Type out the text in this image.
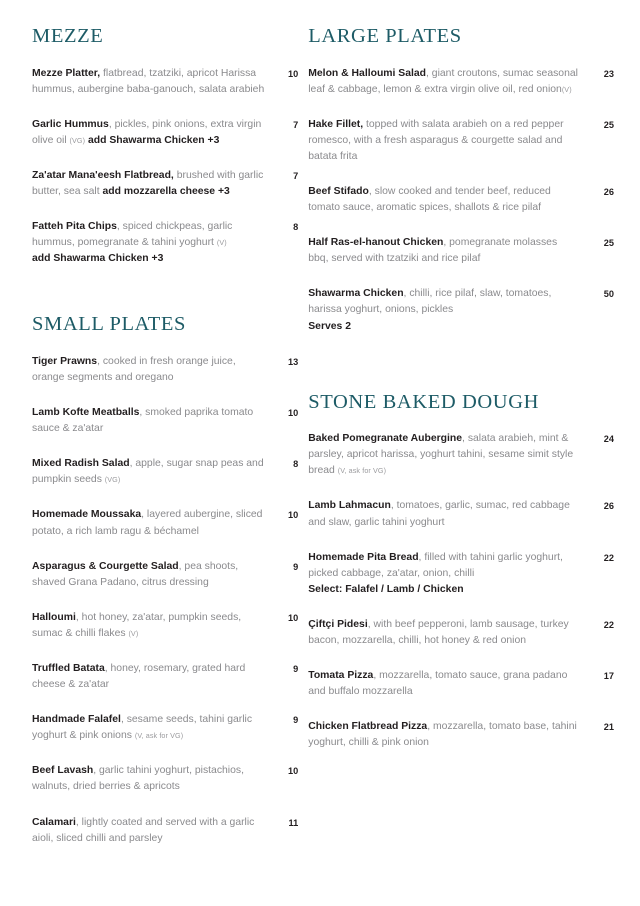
MEZZE
Mezze Platter, flatbread, tzatziki, apricot Harissa hummus, aubergine baba-ganouch, salata arabieh
10
Garlic Hummus, pickles, pink onions, extra virgin olive oil (VG) add Shawarma Chicken +3
7
Za'atar Mana'eesh Flatbread, brushed with garlic butter, sea salt add mozzarella cheese +3
7
Fatteh Pita Chips, spiced chickpeas, garlic hummus, pomegranate & tahini yoghurt (V)
add Shawarma Chicken +3
8
SMALL PLATES
Tiger Prawns, cooked in fresh orange juice, orange segments and oregano
13
Lamb Kofte Meatballs, smoked paprika tomato sauce & za'atar
10
Mixed Radish Salad, apple, sugar snap peas and pumpkin seeds (VG)
8
Homemade Moussaka, layered aubergine, sliced potato, a rich lamb ragu & béchamel
10
Asparagus & Courgette Salad, pea shoots, shaved Grana Padano, citrus dressing
9
Halloumi, hot honey, za'atar, pumpkin seeds, sumac & chilli flakes (V)
10
Truffled Batata, honey, rosemary, grated hard cheese & za'atar
9
Handmade Falafel, sesame seeds, tahini garlic yoghurt & pink onions (V, ask for VG)
9
Beef Lavash, garlic tahini yoghurt, pistachios, walnuts, dried berries & apricots
10
Calamari, lightly coated and served with a garlic aioli, sliced chilli and parsley
11
LARGE PLATES
Melon & Halloumi Salad, giant croutons, sumac seasonal leaf & cabbage, lemon & extra virgin olive oil, red onion(V)
23
Hake Fillet, topped with salata arabieh on a red pepper romesco, with a fresh asparagus & courgette salad and batata frita
25
Beef Stifado, slow cooked and tender beef, reduced tomato sauce, aromatic spices, shallots & rice pilaf
26
Half Ras-el-hanout Chicken, pomegranate molasses bbq, served with tzatziki and rice pilaf
25
Shawarma Chicken, chilli, rice pilaf, slaw, tomatoes, harissa yoghurt, onions, pickles
Serves 2
50
STONE BAKED DOUGH
Baked Pomegranate Aubergine, salata arabieh, mint & parsley, apricot harissa, yoghurt tahini, sesame simit style bread (V, ask for VG)
24
Lamb Lahmacun, tomatoes, garlic, sumac, red cabbage and slaw, garlic tahini yoghurt
26
Homemade Pita Bread, filled with tahini garlic yoghurt, picked cabbage, za'atar, onion, chilli
Select: Falafel / Lamb / Chicken
22
Çiftçi Pidesi, with beef pepperoni, lamb sausage, turkey bacon, mozzarella, chilli, hot honey & red onion
22
Tomata Pizza, mozzarella, tomato sauce, grana padano and buffalo mozzarella
17
Chicken Flatbread Pizza, mozzarella, tomato base, tahini yoghurt, chilli & pink onion
21
